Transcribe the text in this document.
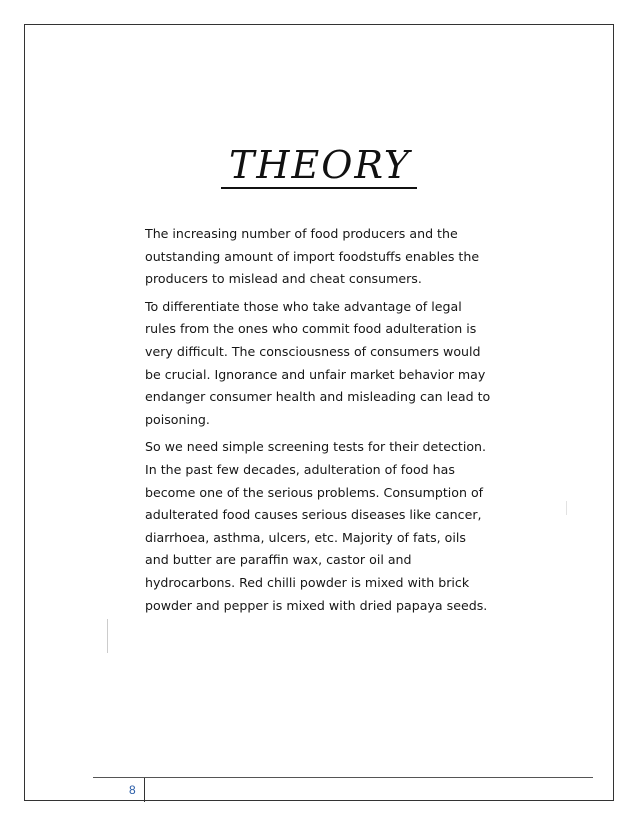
THEORY

The increasing number of food producers and the
outstanding amount of import foodstuffs enables the
producers to mislead and cheat consumers.

To differentiate those who take advantage of legal
rules from the ones who commit food adulteration is
very difficult. The consciousness of consumers would
be crucial. Ignorance and unfair market behavior may
endanger consumer health and misleading can lead to
poisoning.

So we need simple screening tests for their detection.
In the past few decades, adulteration of food has
become one of the serious problems. Consumption of
adulterated food causes serious diseases like cancer,
diarrhoea, asthma, ulcers, etc. Majority of fats, oils
and butter are paraffin wax, castor oil and
hydrocarbons. Red chilli powder is mixed with brick
powder and pepper is mixed with dried papaya seeds.

8
